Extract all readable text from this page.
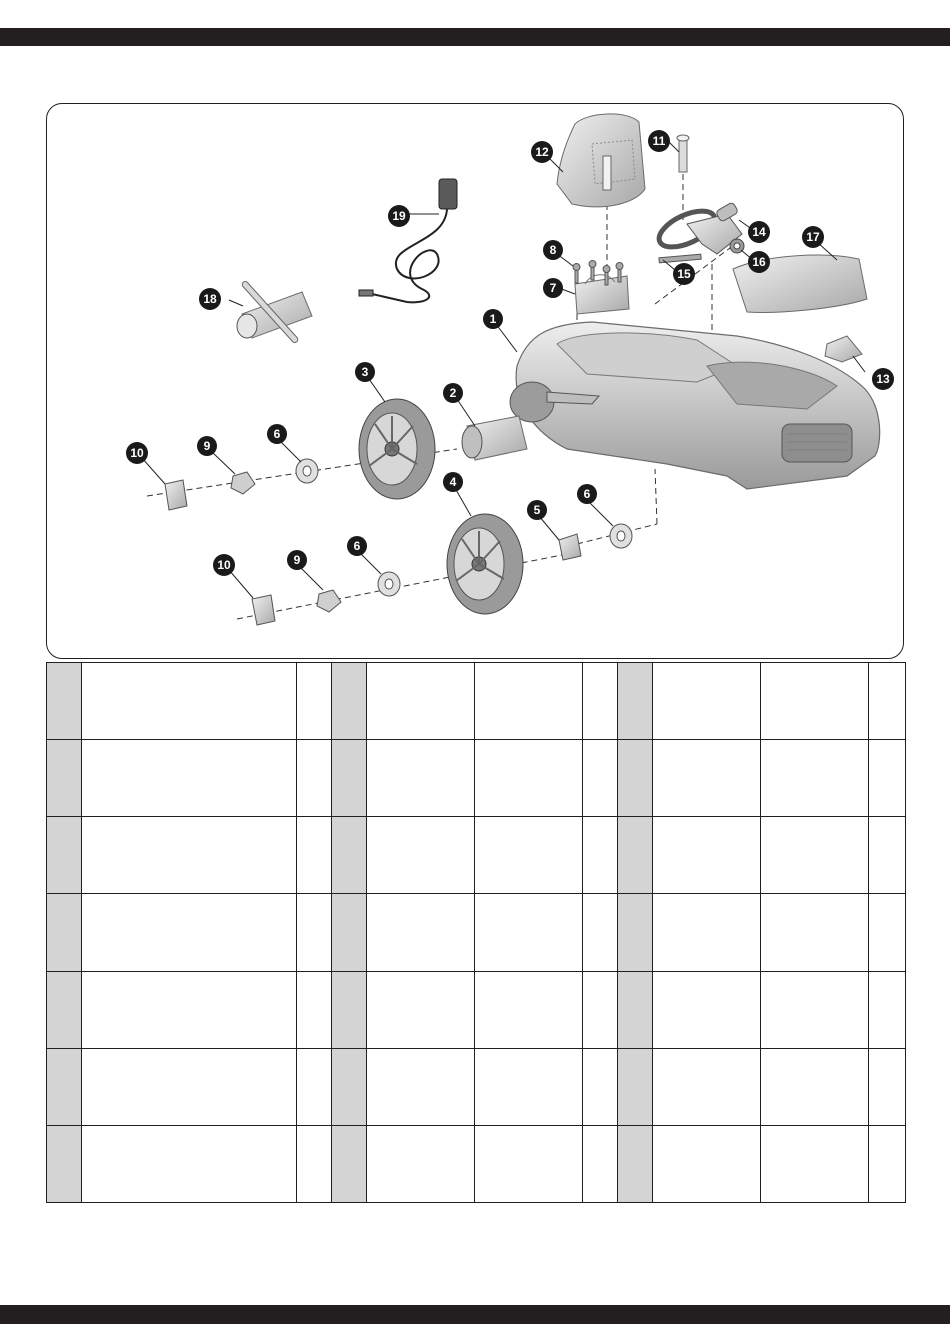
1
2
3
4
5
6
6
6
7
8
9
9
10
10
11
12
13
14
15
16
17
18
19
